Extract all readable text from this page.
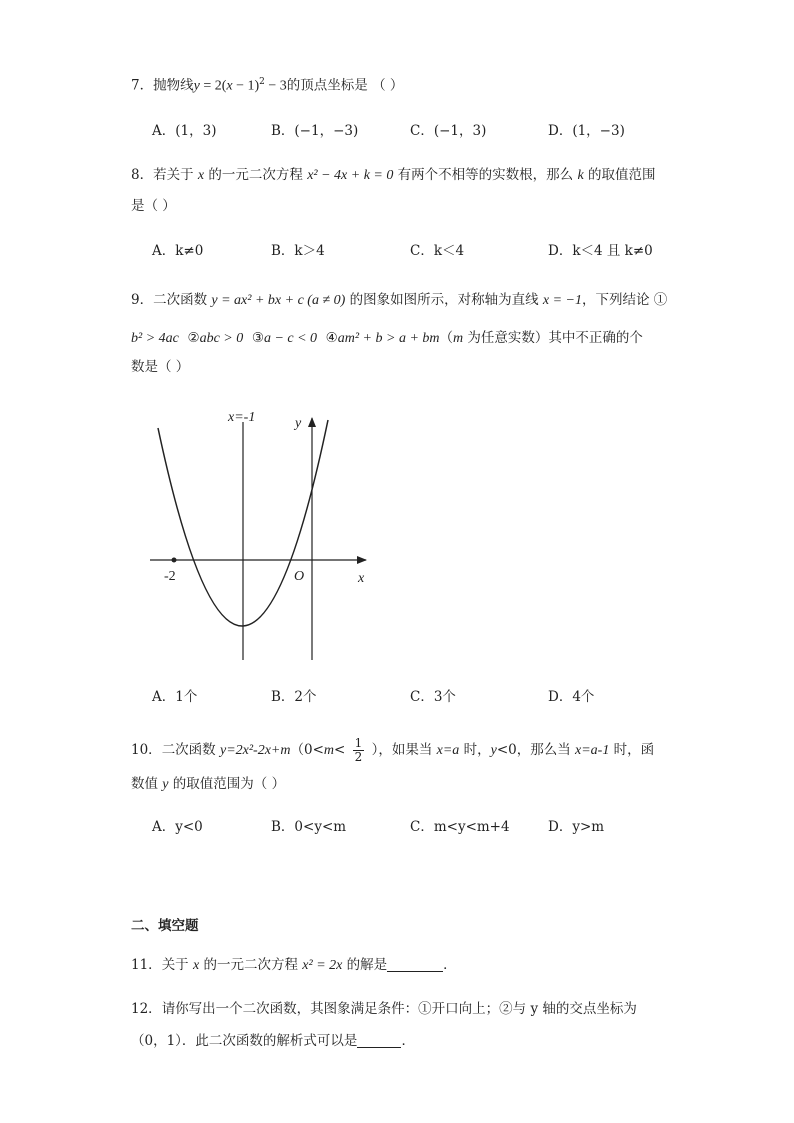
7．抛物线$y = 2(x - 1)^2 - 3$的顶点坐标是 （ ）
A．(1，3)	B．(−1，−3)	C．(−1，3)	D．(1，−3)
8．若关于 x 的一元二次方程 x² − 4x + k = 0 有两个不相等的实数根，那么 k 的取值范围
是（ ）
A．k≠0	B．k＞4	C．k＜4	D．k＜4 且 k≠0
9．二次函数 y = ax² + bx + c (a ≠ 0) 的图象如图所示，对称轴为直线 x = −1，下列结论 ①
b² > 4ac ②abc > 0 ③a − c < 0 ④am² + b > a + bm（m 为任意实数）其中不正确的个
数是（ ）
x=-1	y
x
O
-2
A．1个	B．2个	C．3个	D．4个
10．二次函数 $y=2x^2-2x+m(0<m< \frac{1}{2}$ ），如果当 x=a 时，y<0，那么当 x=a-1 时，函
数值 y 的取值范围为（ ）
A．y<0	B．0<y<m	C．m<y<m+4	D．y>m
二、填空题
11．关于 x 的一元二次方程 x² = 2x 的解是	．
12．请你写出一个二次函数，其图象满足条件：①开口向上；②与 y 轴的交点坐标为
（0，1）．此二次函数的解析式可以是	．
